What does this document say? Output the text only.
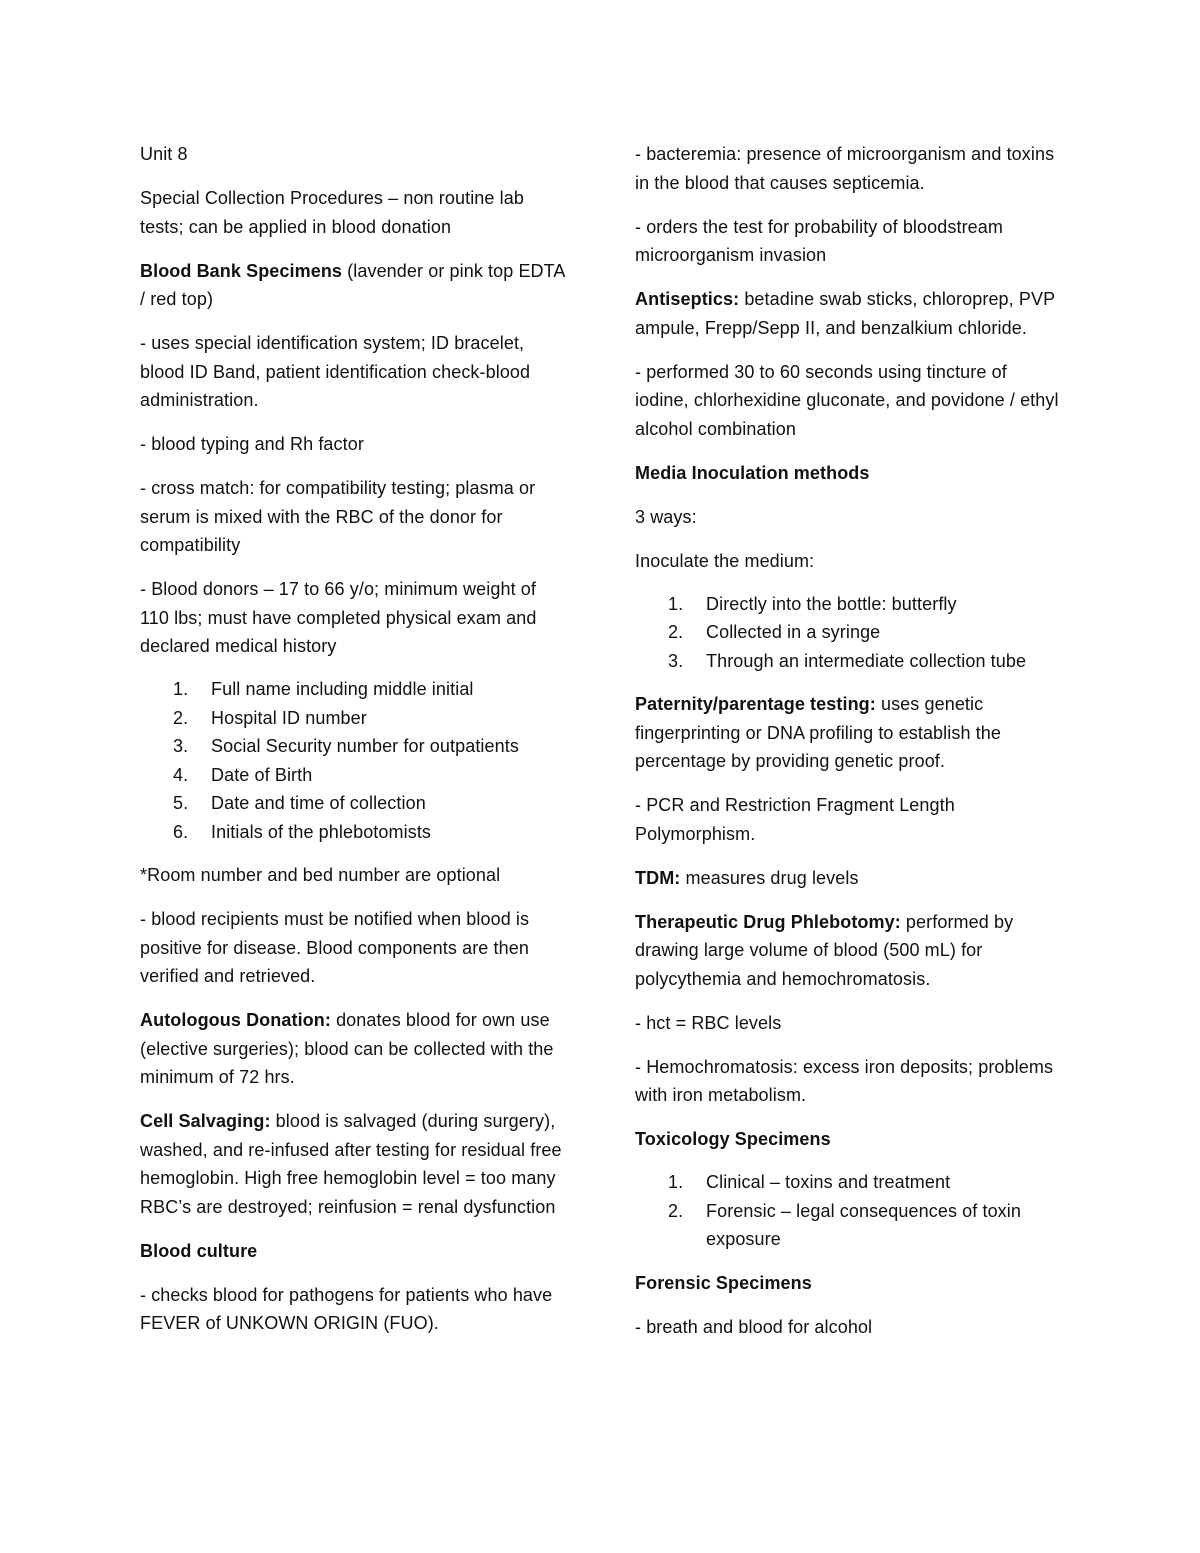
Unit 8

Special Collection Procedures – non routine lab tests; can be applied in blood donation

Blood Bank Specimens (lavender or pink top EDTA / red top)

- uses special identification system; ID bracelet, blood ID Band, patient identification check-blood administration.

- blood typing and Rh factor

- cross match: for compatibility testing; plasma or serum is mixed with the RBC of the donor for compatibility

- Blood donors – 17 to 66 y/o; minimum weight of 110 lbs; must have completed physical exam and declared medical history

1. Full name including middle initial
2. Hospital ID number
3. Social Security number for outpatients
4. Date of Birth
5. Date and time of collection
6. Initials of the phlebotomists

*Room number and bed number are optional

- blood recipients must be notified when blood is positive for disease. Blood components are then verified and retrieved.

Autologous Donation: donates blood for own use (elective surgeries); blood can be collected with the minimum of 72 hrs.

Cell Salvaging: blood is salvaged (during surgery), washed, and re-infused after testing for residual free hemoglobin. High free hemoglobin level = too many RBC’s are destroyed; reinfusion = renal dysfunction

Blood culture

- checks blood for pathogens for patients who have FEVER of UNKOWN ORIGIN (FUO).

- bacteremia: presence of microorganism and toxins in the blood that causes septicemia.

- orders the test for probability of bloodstream microorganism invasion

Antiseptics: betadine swab sticks, chloroprep, PVP ampule, Frepp/Sepp II, and benzalkium chloride.

- performed 30 to 60 seconds using tincture of iodine, chlorhexidine gluconate, and povidone / ethyl alcohol combination

Media Inoculation methods

3 ways:

Inoculate the medium:

1. Directly into the bottle: butterfly
2. Collected in a syringe
3. Through an intermediate collection tube

Paternity/parentage testing: uses genetic fingerprinting or DNA profiling to establish the percentage by providing genetic proof.

- PCR and Restriction Fragment Length Polymorphism.

TDM: measures drug levels

Therapeutic Drug Phlebotomy: performed by drawing large volume of blood (500 mL) for polycythemia and hemochromatosis.

- hct = RBC levels

- Hemochromatosis: excess iron deposits; problems with iron metabolism.

Toxicology Specimens

1. Clinical – toxins and treatment
2. Forensic – legal consequences of toxin exposure

Forensic Specimens

- breath and blood for alcohol
